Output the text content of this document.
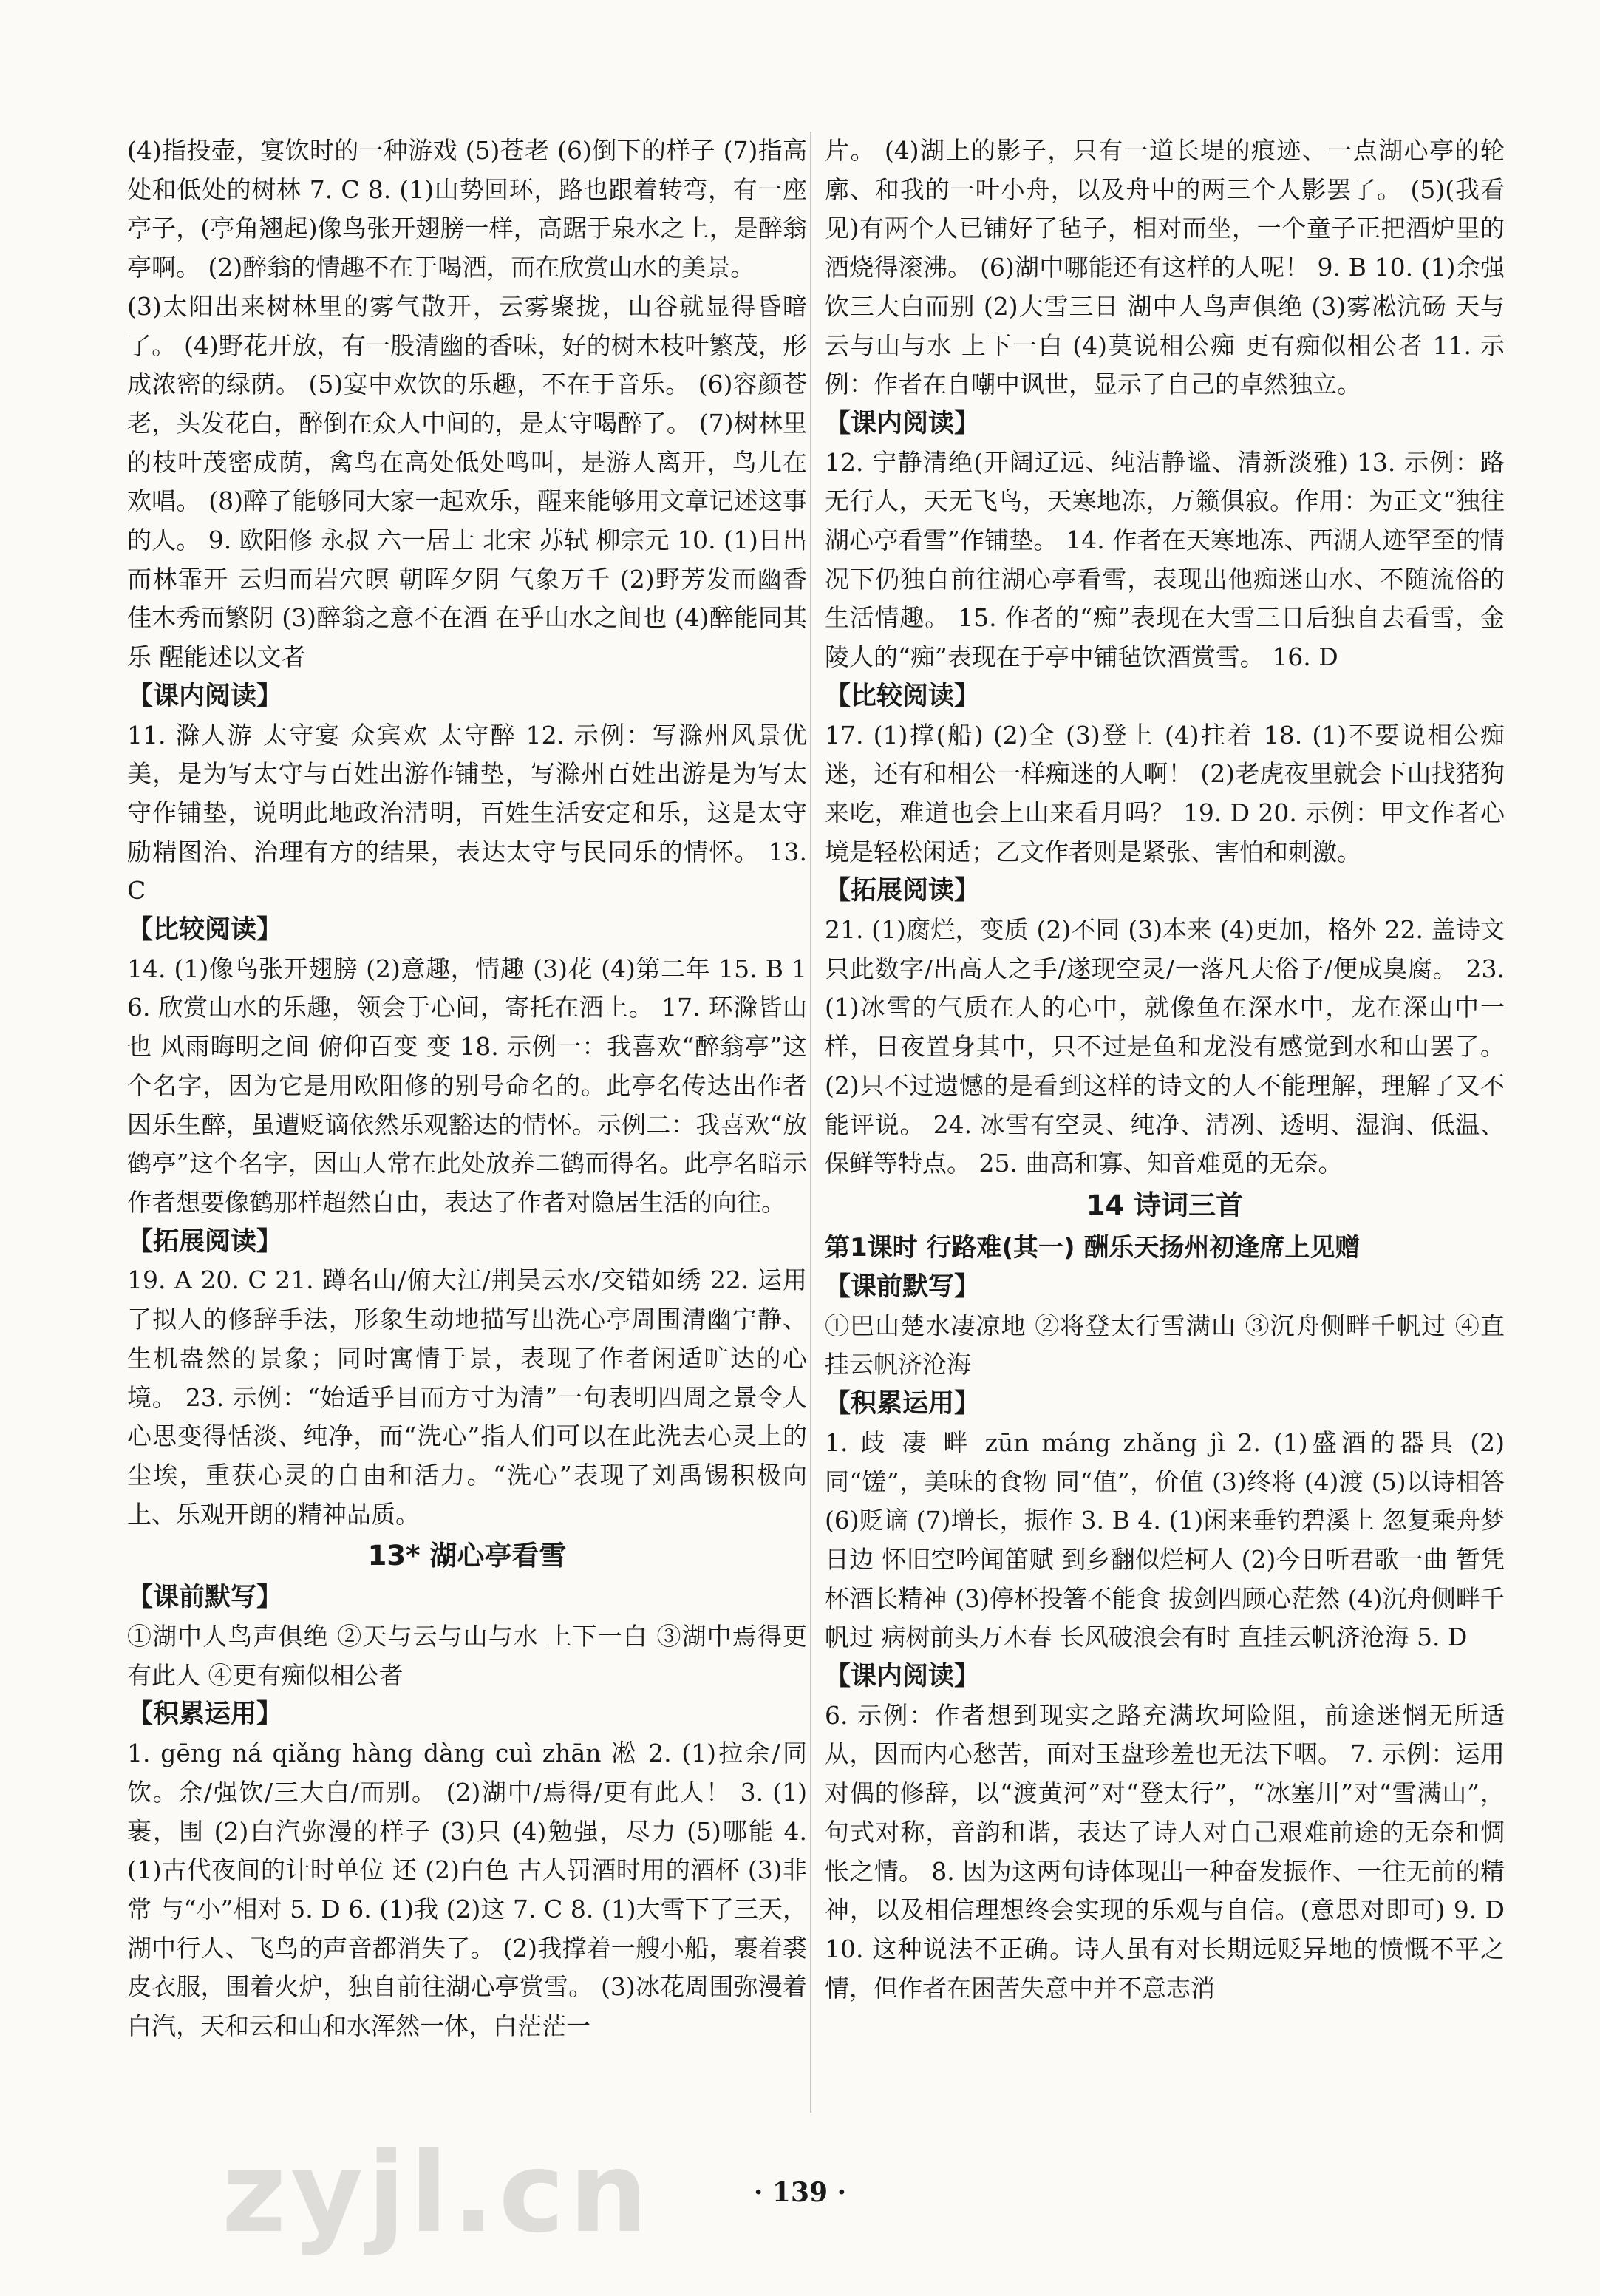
(4)指投壶，宴饮时的一种游戏 (5)苍老 (6)倒下的样子 (7)指高处和低处的树林 7. C 8. (1)山势回环，路也跟着转弯，有一座亭子，(亭角翘起)像鸟张开翅膀一样，高踞于泉水之上，是醉翁亭啊。 (2)醉翁的情趣不在于喝酒，而在欣赏山水的美景。

(3)太阳出来树林里的雾气散开，云雾聚拢，山谷就显得昏暗了。 (4)野花开放，有一股清幽的香味，好的树木枝叶繁茂，形成浓密的绿荫。 (5)宴中欢饮的乐趣，不在于音乐。 (6)容颜苍老，头发花白，醉倒在众人中间的，是太守喝醉了。 (7)树林里的枝叶茂密成荫，禽鸟在高处低处鸣叫，是游人离开，鸟儿在欢唱。 (8)醉了能够同大家一起欢乐，醒来能够用文章记述这事的人。 9. 欧阳修 永叔 六一居士 北宋 苏轼 柳宗元 10. (1)日出而林霏开 云归而岩穴暝 朝晖夕阴 气象万千 (2)野芳发而幽香 佳木秀而繁阴 (3)醉翁之意不在酒 在乎山水之间也 (4)醉能同其乐 醒能述以文者

【课内阅读】

11. 滁人游 太守宴 众宾欢 太守醉 12. 示例：写滁州风景优美，是为写太守与百姓出游作铺垫，写滁州百姓出游是为写太守作铺垫，说明此地政治清明，百姓生活安定和乐，这是太守励精图治、治理有方的结果，表达太守与民同乐的情怀。 13. C

【比较阅读】

14. (1)像鸟张开翅膀 (2)意趣，情趣 (3)花 (4)第二年 15. B 16. 欣赏山水的乐趣，领会于心间，寄托在酒上。 17. 环滁皆山也 风雨晦明之间 俯仰百变 变 18. 示例一：我喜欢“醉翁亭”这个名字，因为它是用欧阳修的别号命名的。此亭名传达出作者因乐生醉，虽遭贬谪依然乐观豁达的情怀。示例二：我喜欢“放鹤亭”这个名字，因山人常在此处放养二鹤而得名。此亭名暗示作者想要像鹤那样超然自由，表达了作者对隐居生活的向往。

【拓展阅读】

19. A 20. C 21. 蹲名山/俯大江/荆吴云水/交错如绣 22. 运用了拟人的修辞手法，形象生动地描写出洗心亭周围清幽宁静、生机盎然的景象；同时寓情于景，表现了作者闲适旷达的心境。 23. 示例：“始适乎目而方寸为清”一句表明四周之景令人心思变得恬淡、纯净，而“洗心”指人们可以在此洗去心灵上的尘埃，重获心灵的自由和活力。“洗心”表现了刘禹锡积极向上、乐观开朗的精神品质。

13* 湖心亭看雪

【课前默写】

①湖中人鸟声俱绝 ②天与云与山与水 上下一白 ③湖中焉得更有此人 ④更有痴似相公者

【积累运用】

1. gēng ná qiǎng hàng dàng cuì zhān 凇 2. (1)拉余/同饮。余/强饮/三大白/而别。 (2)湖中/焉得/更有此人！ 3. (1)裹，围 (2)白汽弥漫的样子 (3)只 (4)勉强，尽力 (5)哪能 4. (1)古代夜间的计时单位 还 (2)白色 古人罚酒时用的酒杯 (3)非常 与“小”相对 5. D 6. (1)我 (2)这 7. C 8. (1)大雪下了三天，湖中行人、飞鸟的声音都消失了。 (2)我撑着一艘小船，裹着裘皮衣服，围着火炉，独自前往湖心亭赏雪。 (3)冰花周围弥漫着白汽，天和云和山和水浑然一体，白茫茫一

片。 (4)湖上的影子，只有一道长堤的痕迹、一点湖心亭的轮廓、和我的一叶小舟，以及舟中的两三个人影罢了。 (5)(我看见)有两个人已铺好了毡子，相对而坐，一个童子正把酒炉里的酒烧得滚沸。 (6)湖中哪能还有这样的人呢！ 9. B 10. (1)余强饮三大白而别 (2)大雪三日 湖中人鸟声俱绝 (3)雾凇沆砀 天与云与山与水 上下一白 (4)莫说相公痴 更有痴似相公者 11. 示例：作者在自嘲中讽世，显示了自己的卓然独立。

【课内阅读】

12. 宁静清绝(开阔辽远、纯洁静谧、清新淡雅) 13. 示例：路无行人，天无飞鸟，天寒地冻，万籁俱寂。作用：为正文“独往湖心亭看雪”作铺垫。 14. 作者在天寒地冻、西湖人迹罕至的情况下仍独自前往湖心亭看雪，表现出他痴迷山水、不随流俗的生活情趣。 15. 作者的“痴”表现在大雪三日后独自去看雪，金陵人的“痴”表现在于亭中铺毡饮酒赏雪。 16. D

【比较阅读】

17. (1)撑(船) (2)全 (3)登上 (4)拄着 18. (1)不要说相公痴迷，还有和相公一样痴迷的人啊！ (2)老虎夜里就会下山找猪狗来吃，难道也会上山来看月吗？ 19. D 20. 示例：甲文作者心境是轻松闲适；乙文作者则是紧张、害怕和刺激。

【拓展阅读】

21. (1)腐烂，变质 (2)不同 (3)本来 (4)更加，格外 22. 盖诗文只此数字/出高人之手/遂现空灵/一落凡夫俗子/便成臭腐。 23. (1)冰雪的气质在人的心中，就像鱼在深水中，龙在深山中一样，日夜置身其中，只不过是鱼和龙没有感觉到水和山罢了。 (2)只不过遗憾的是看到这样的诗文的人不能理解，理解了又不能评说。 24. 冰雪有空灵、纯净、清冽、透明、湿润、低温、保鲜等特点。 25. 曲高和寡、知音难觅的无奈。

14 诗词三首

第1课时 行路难(其一) 酬乐天扬州初逢席上见赠

【课前默写】

①巴山楚水凄凉地 ②将登太行雪满山 ③沉舟侧畔千帆过 ④直挂云帆济沧海

【积累运用】

1. 歧 凄 畔 zūn máng zhǎng jì 2. (1)盛酒的器具 (2)同“馐”，美味的食物 同“值”，价值 (3)终将 (4)渡 (5)以诗相答 (6)贬谪 (7)增长，振作 3. B 4. (1)闲来垂钓碧溪上 忽复乘舟梦日边 怀旧空吟闻笛赋 到乡翻似烂柯人 (2)今日听君歌一曲 暂凭杯酒长精神 (3)停杯投箸不能食 拔剑四顾心茫然 (4)沉舟侧畔千帆过 病树前头万木春 长风破浪会有时 直挂云帆济沧海 5. D

【课内阅读】

6. 示例：作者想到现实之路充满坎坷险阻，前途迷惘无所适从，因而内心愁苦，面对玉盘珍羞也无法下咽。 7. 示例：运用对偶的修辞，以“渡黄河”对“登太行”，“冰塞川”对“雪满山”，句式对称，音韵和谐，表达了诗人对自己艰难前途的无奈和惆怅之情。 8. 因为这两句诗体现出一种奋发振作、一往无前的精神，以及相信理想终会实现的乐观与自信。(意思对即可) 9. D 10. 这种说法不正确。诗人虽有对长期远贬异地的愤慨不平之情，但作者在困苦失意中并不意志消

zyjl.cn	· 139 ·
